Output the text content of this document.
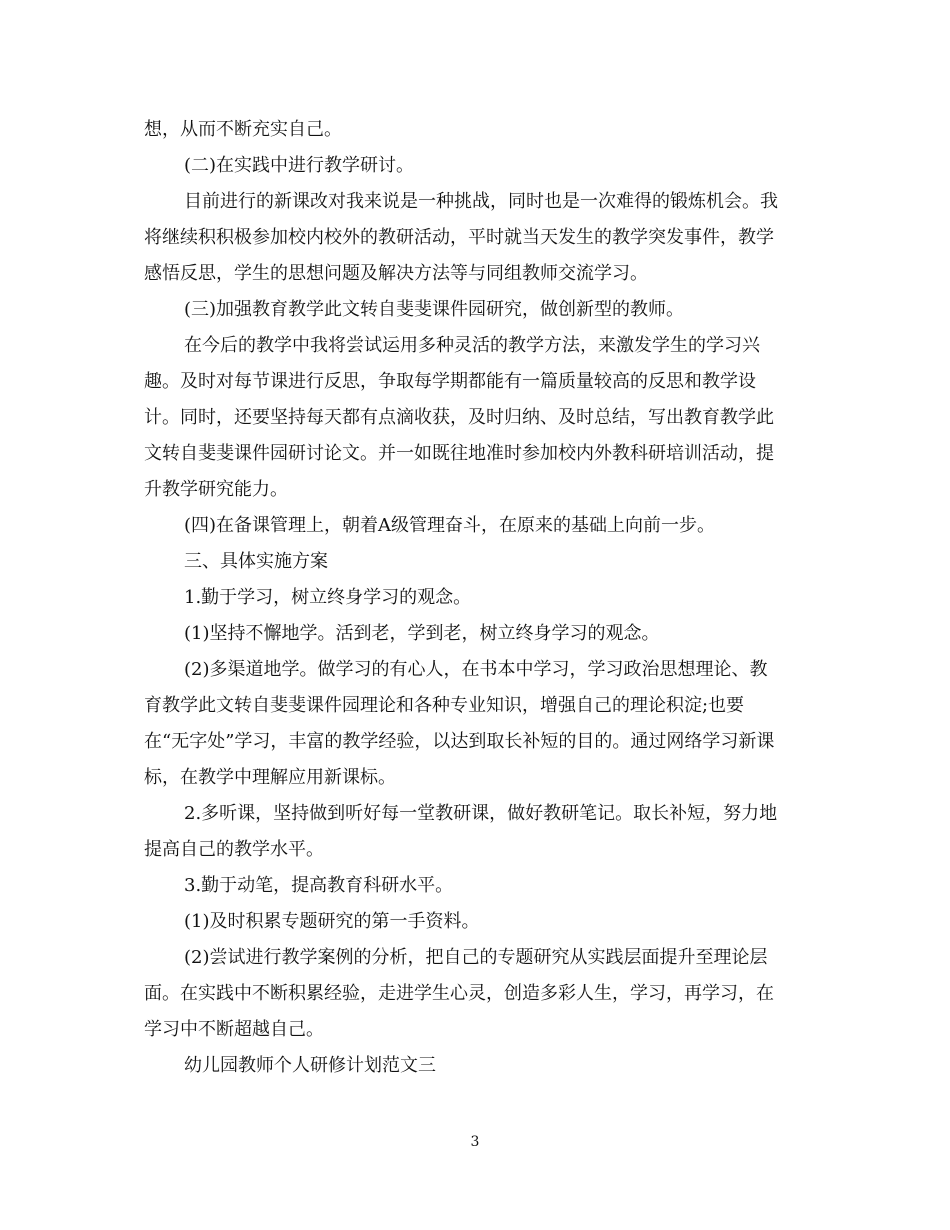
想，从而不断充实自己。

(二)在实践中进行教学研讨。

目前进行的新课改对我来说是一种挑战，同时也是一次难得的锻炼机会。我

将继续积积极参加校内校外的教研活动，平时就当天发生的教学突发事件，教学

感悟反思，学生的思想问题及解决方法等与同组教师交流学习。

(三)加强教育教学此文转自斐斐课件园研究，做创新型的教师。

在今后的教学中我将尝试运用多种灵活的教学方法，来激发学生的学习兴

趣。及时对每节课进行反思，争取每学期都能有一篇质量较高的反思和教学设

计。同时，还要坚持每天都有点滴收获，及时归纳、及时总结，写出教育教学此

文转自斐斐课件园研讨论文。并一如既往地准时参加校内外教科研培训活动，提

升教学研究能力。

(四)在备课管理上，朝着A级管理奋斗，在原来的基础上向前一步。

三、具体实施方案

1.勤于学习，树立终身学习的观念。

(1)坚持不懈地学。活到老，学到老，树立终身学习的观念。

(2)多渠道地学。做学习的有心人，在书本中学习，学习政治思想理论、教

育教学此文转自斐斐课件园理论和各种专业知识，增强自己的理论积淀;也要

在“无字处”学习，丰富的教学经验，以达到取长补短的目的。通过网络学习新课

标，在教学中理解应用新课标。

2.多听课，坚持做到听好每一堂教研课，做好教研笔记。取长补短，努力地

提高自己的教学水平。

3.勤于动笔，提高教育科研水平。

(1)及时积累专题研究的第一手资料。

(2)尝试进行教学案例的分析，把自己的专题研究从实践层面提升至理论层

面。在实践中不断积累经验，走进学生心灵，创造多彩人生，学习，再学习，在

学习中不断超越自己。

幼儿园教师个人研修计划范文三

3
